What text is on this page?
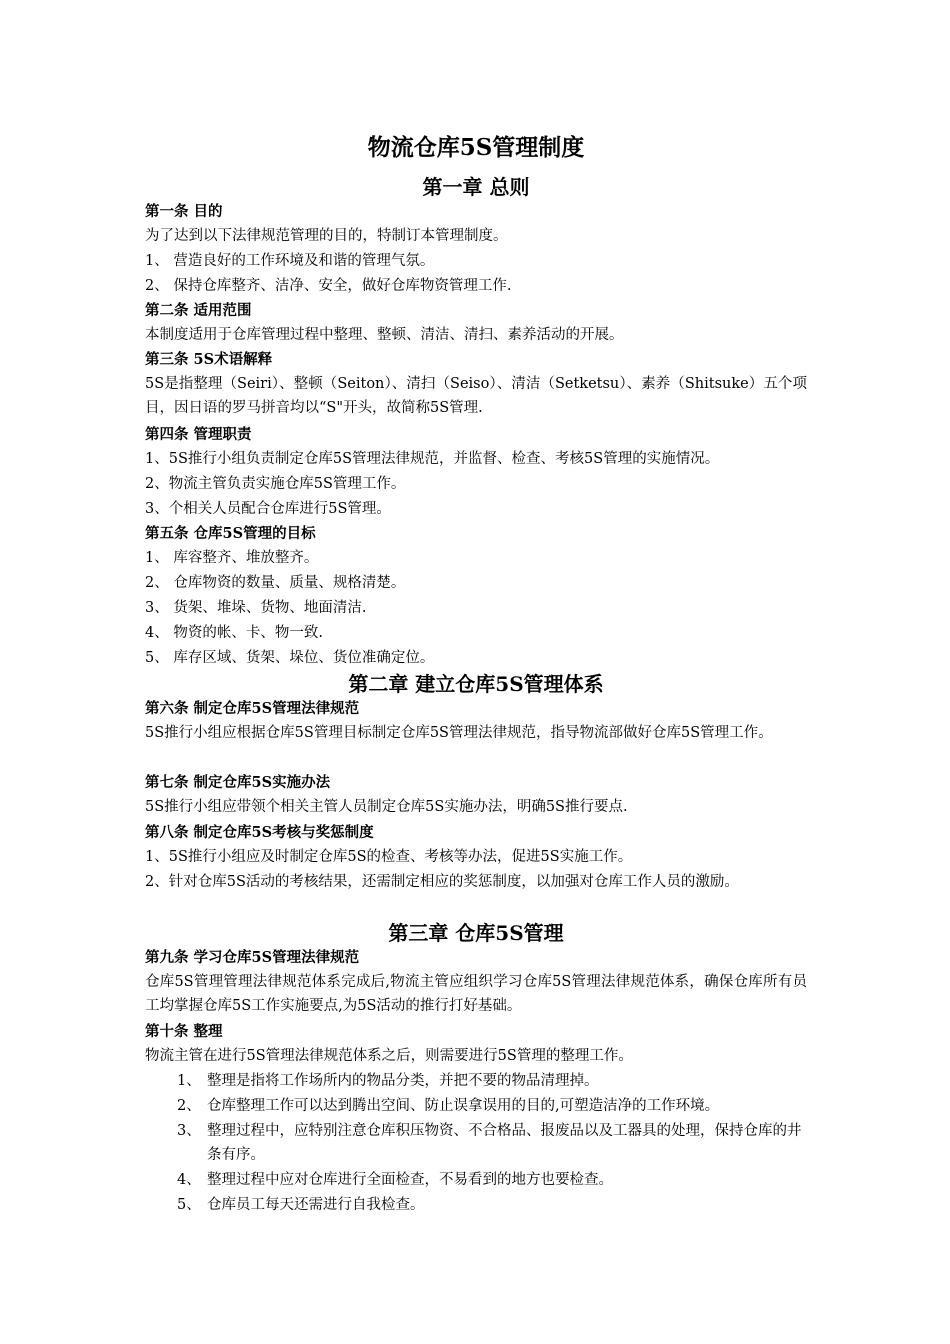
物流仓库5S管理制度
第一章 总则
第一条 目的
为了达到以下法律规范管理的目的，特制订本管理制度。
1、 营造良好的工作环境及和谐的管理气氛。
2、 保持仓库整齐、洁净、安全，做好仓库物资管理工作.
第二条 适用范围
本制度适用于仓库管理过程中整理、整顿、清洁、清扫、素养活动的开展。
第三条 5S术语解释
5S是指整理（Seiri）、整顿（Seiton）、清扫（Seiso）、清洁（Setketsu）、素养（Shitsuke）五个项目，因日语的罗马拼音均以“S"开头，故简称5S管理.
第四条 管理职责
1、5S推行小组负责制定仓库5S管理法律规范，并监督、检查、考核5S管理的实施情况。
2、物流主管负责实施仓库5S管理工作。
3、个相关人员配合仓库进行5S管理。
第五条 仓库5S管理的目标
1、 库容整齐、堆放整齐。
2、 仓库物资的数量、质量、规格清楚。
3、 货架、堆垛、货物、地面清洁.
4、 物资的帐、卡、物一致.
5、 库存区域、货架、垛位、货位准确定位。
第二章 建立仓库5S管理体系
第六条 制定仓库5S管理法律规范
5S推行小组应根据仓库5S管理目标制定仓库5S管理法律规范，指导物流部做好仓库5S管理工作。
第七条 制定仓库5S实施办法
5S推行小组应带领个相关主管人员制定仓库5S实施办法，明确5S推行要点.
第八条 制定仓库5S考核与奖惩制度
1、5S推行小组应及时制定仓库5S的检查、考核等办法，促进5S实施工作。
2、针对仓库5S活动的考核结果，还需制定相应的奖惩制度，以加强对仓库工作人员的激励。
第三章 仓库5S管理
第九条 学习仓库5S管理法律规范
仓库5S管理管理法律规范体系完成后,物流主管应组织学习仓库5S管理法律规范体系，确保仓库所有员工均掌握仓库5S工作实施要点,为5S活动的推行打好基础。
第十条 整理
物流主管在进行5S管理法律规范体系之后，则需要进行5S管理的整理工作。
1、 整理是指将工作场所内的物品分类，并把不要的物品清理掉。
2、 仓库整理工作可以达到腾出空间、防止误拿误用的目的,可塑造洁净的工作环境。
3、 整理过程中，应特别注意仓库积压物资、不合格品、报废品以及工器具的处理，保持仓库的井条有序。
4、 整理过程中应对仓库进行全面检查，不易看到的地方也要检查。
5、 仓库员工每天还需进行自我检查。
